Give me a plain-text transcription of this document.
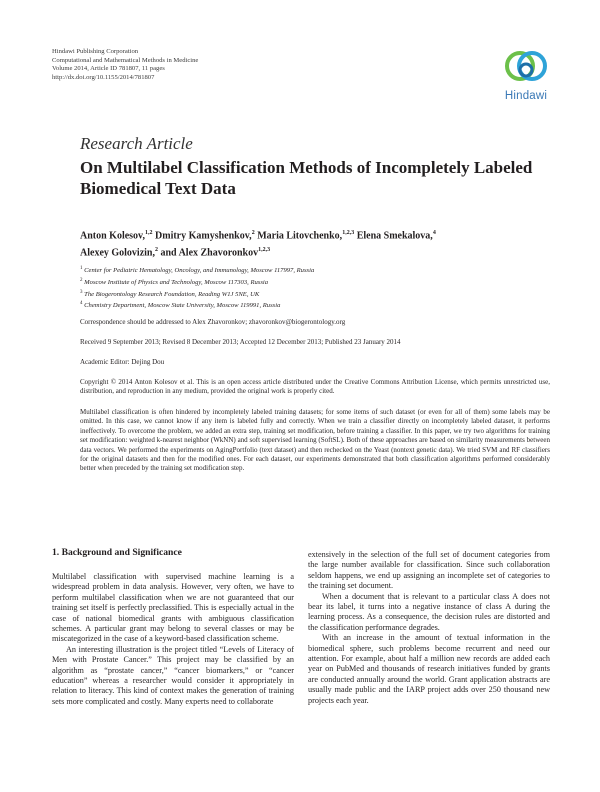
Hindawi Publishing Corporation
Computational and Mathematical Methods in Medicine
Volume 2014, Article ID 781807, 11 pages
http://dx.doi.org/10.1155/2014/781807
Hindawi
Research Article
On Multilabel Classification Methods of Incompletely Labeled Biomedical Text Data
Anton Kolesov,$^{1,2}$ Dmitry Kamyshenkov,$^2$ Maria Litovchenko,$^{1,2,3}$ Elena Smekalova,$^4$
Alexey Golovizin,$^2$ and Alex Zhavoronkov$^{1,2,3}$
$^1$ Center for Pediatric Hematology, Oncology, and Immunology, Moscow 117997, Russia
$^2$ Moscow Institute of Physics and Technology, Moscow 117303, Russia
$^3$ The Biogerontology Research Foundation, Reading W1J 5NE, UK
$^4$ Chemistry Department, Moscow State University, Moscow 119991, Russia
Correspondence should be addressed to Alex Zhavoronkov; zhavoronkov@biogerontology.org
Received 9 September 2013; Revised 8 December 2013; Accepted 12 December 2013; Published 23 January 2014
Academic Editor: Dejing Dou
Copyright © 2014 Anton Kolesov et al. This is an open access article distributed under the Creative Commons Attribution License, which permits unrestricted use, distribution, and reproduction in any medium, provided the original work is properly cited.
Multilabel classification is often hindered by incompletely labeled training datasets; for some items of such dataset (or even for all of them) some labels may be omitted. In this case, we cannot know if any item is labeled fully and correctly. When we train a classifier directly on incompletely labeled dataset, it performs ineffectively. To overcome the problem, we added an extra step, training set modification, before training a classifier. In this paper, we try two algorithms for training set modification: weighted k-nearest neighbor (WkNN) and soft supervised learning (SoftSL). Both of these approaches are based on similarity measurements between data vectors. We performed the experiments on AgingPortfolio (text dataset) and then rechecked on the Yeast (nontext genetic data). We tried SVM and RF classifiers for the original datasets and then for the modified ones. For each dataset, our experiments demonstrated that both classification algorithms performed considerably better when preceded by the training set modification step.
1. Background and Significance

Multilabel classification with supervised machine learning is a widespread problem in data analysis. However, very often, we have to perform multilabel classification when we are not guaranteed that our training set itself is perfectly preclassified. This is especially actual in the case of national biomedical grants with ambiguous classification schemes. A particular grant may belong to several classes or may be miscategorized in the case of a keyword-based classification scheme.

An interesting illustration is the project titled “Levels of Literacy of Men with Prostate Cancer.” This project may be classified by an algorithm as “prostate cancer,” “cancer biomarkers,” or “cancer education” whereas a researcher would consider it appropriately in relation to literacy. This kind of context makes the generation of training sets more complicated and costly. Many experts need to collaborate

extensively in the selection of the full set of document categories from the large number available for classification. Since such collaboration seldom happens, we end up assigning an incomplete set of categories to the training set document.

When a document that is relevant to a particular class A does not bear its label, it turns into a negative instance of class A during the learning process. As a consequence, the decision rules are distorted and the classification performance degrades.

With an increase in the amount of textual information in the biomedical sphere, such problems become recurrent and need our attention. For example, about half a million new records are added each year on PubMed and thousands of research initiatives funded by grants are conducted annually around the world. Grant application abstracts are usually made public and the IARP project adds over 250 thousand new projects each year.
